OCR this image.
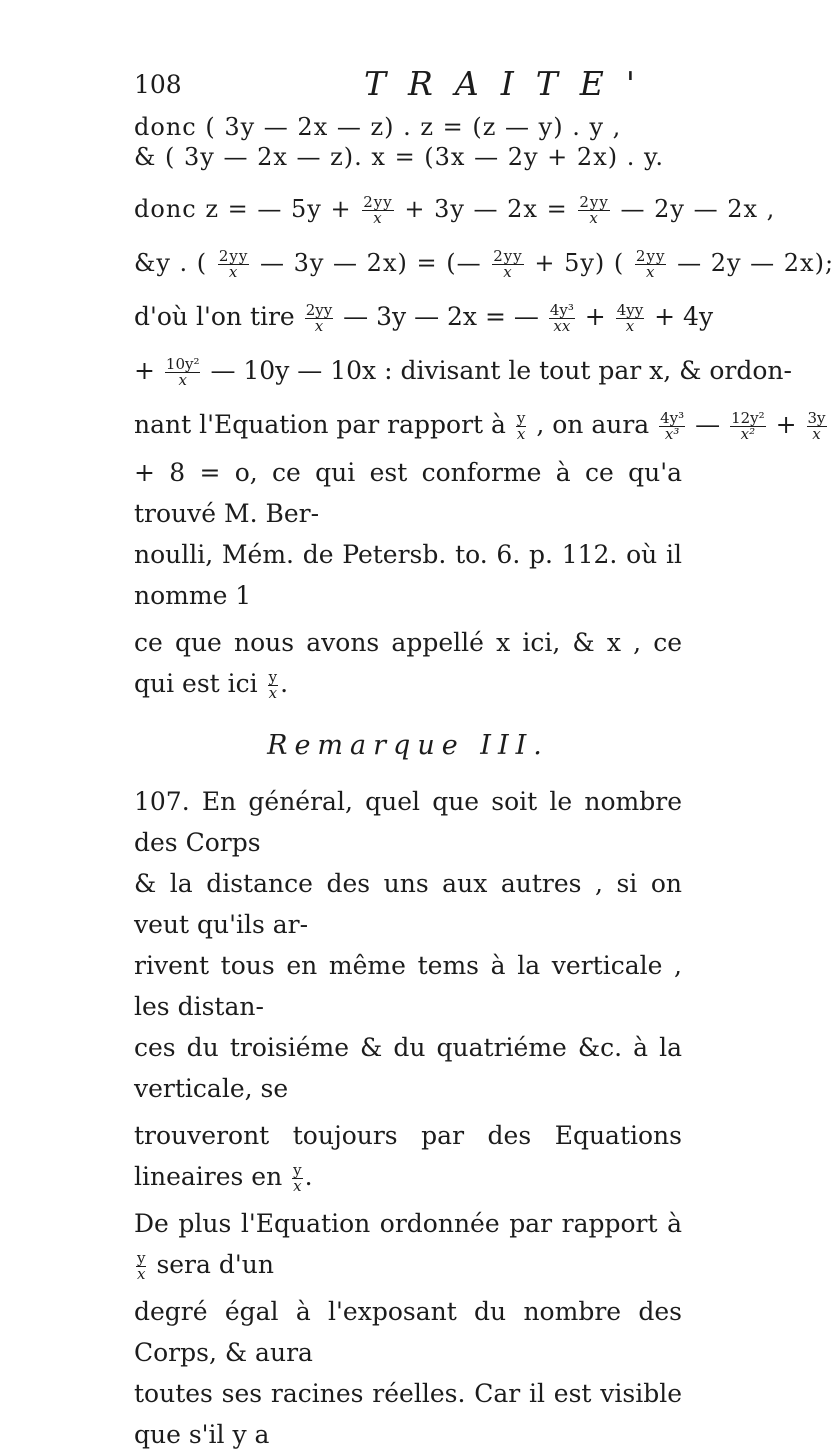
108	TRAITE'
donc ( 3y — 2x — z) . z = (z — y) . y ,
& ( 3y — 2x — z). x = (3x — 2y + 2x) . y.
donc z = — $5y + \frac{2yy}{x} + 3y$ — $2x = \frac{2yy}{x}$ — 2y — 2x ,
&y . ( $\frac{2yy}{x}$ — 3y — 2x) = (— $\frac{2yy}{x} + 5y$) ( $\frac{2yy}{x}$ — 2y — 2x);
d'où l'on tire $\frac{2yy}{x}$ — 3y — 2x = — $\frac{\text{4y³}}{xx} + \frac{4yy}{x} + 4y$
+ $\frac{\text{10y²}}{x}$ — 10y — 10x : divisant le tout par x, & ordon-
nant l'Equation par rapport à $\frac{y}{x}$ , on aura $\frac{\text{4y³}}{\text{x³}}$ — $\frac{\text{12y²}}{\text{x²}} + \frac{3y}{x}$
+ 8 = o, ce qui est conforme à ce qu'a trouvé M. Ber-
noulli, Mém. de Petersb. to. 6. p. 112. où il nomme 1
ce que nous avons appellé x ici, & x , ce qui est ici $\frac{y}{x}$ .
Remarque III.
107. En général, quel que soit le nombre des Corps
& la distance des uns aux autres , si on veut qu'ils ar-
rivent tous en même tems à la verticale , les distan-
ces du troisiéme & du quatriéme &c. à la verticale, se
trouveront toujours par des Equations lineaires en $\frac{y}{x}$ .
De plus l'Equation ordonnée par rapport à
$\frac{y}{x}$ sera d'un
degré égal à l'exposant du nombre des Corps, & aura
toutes ses racines réelles. Car il est visible que s'il y a
